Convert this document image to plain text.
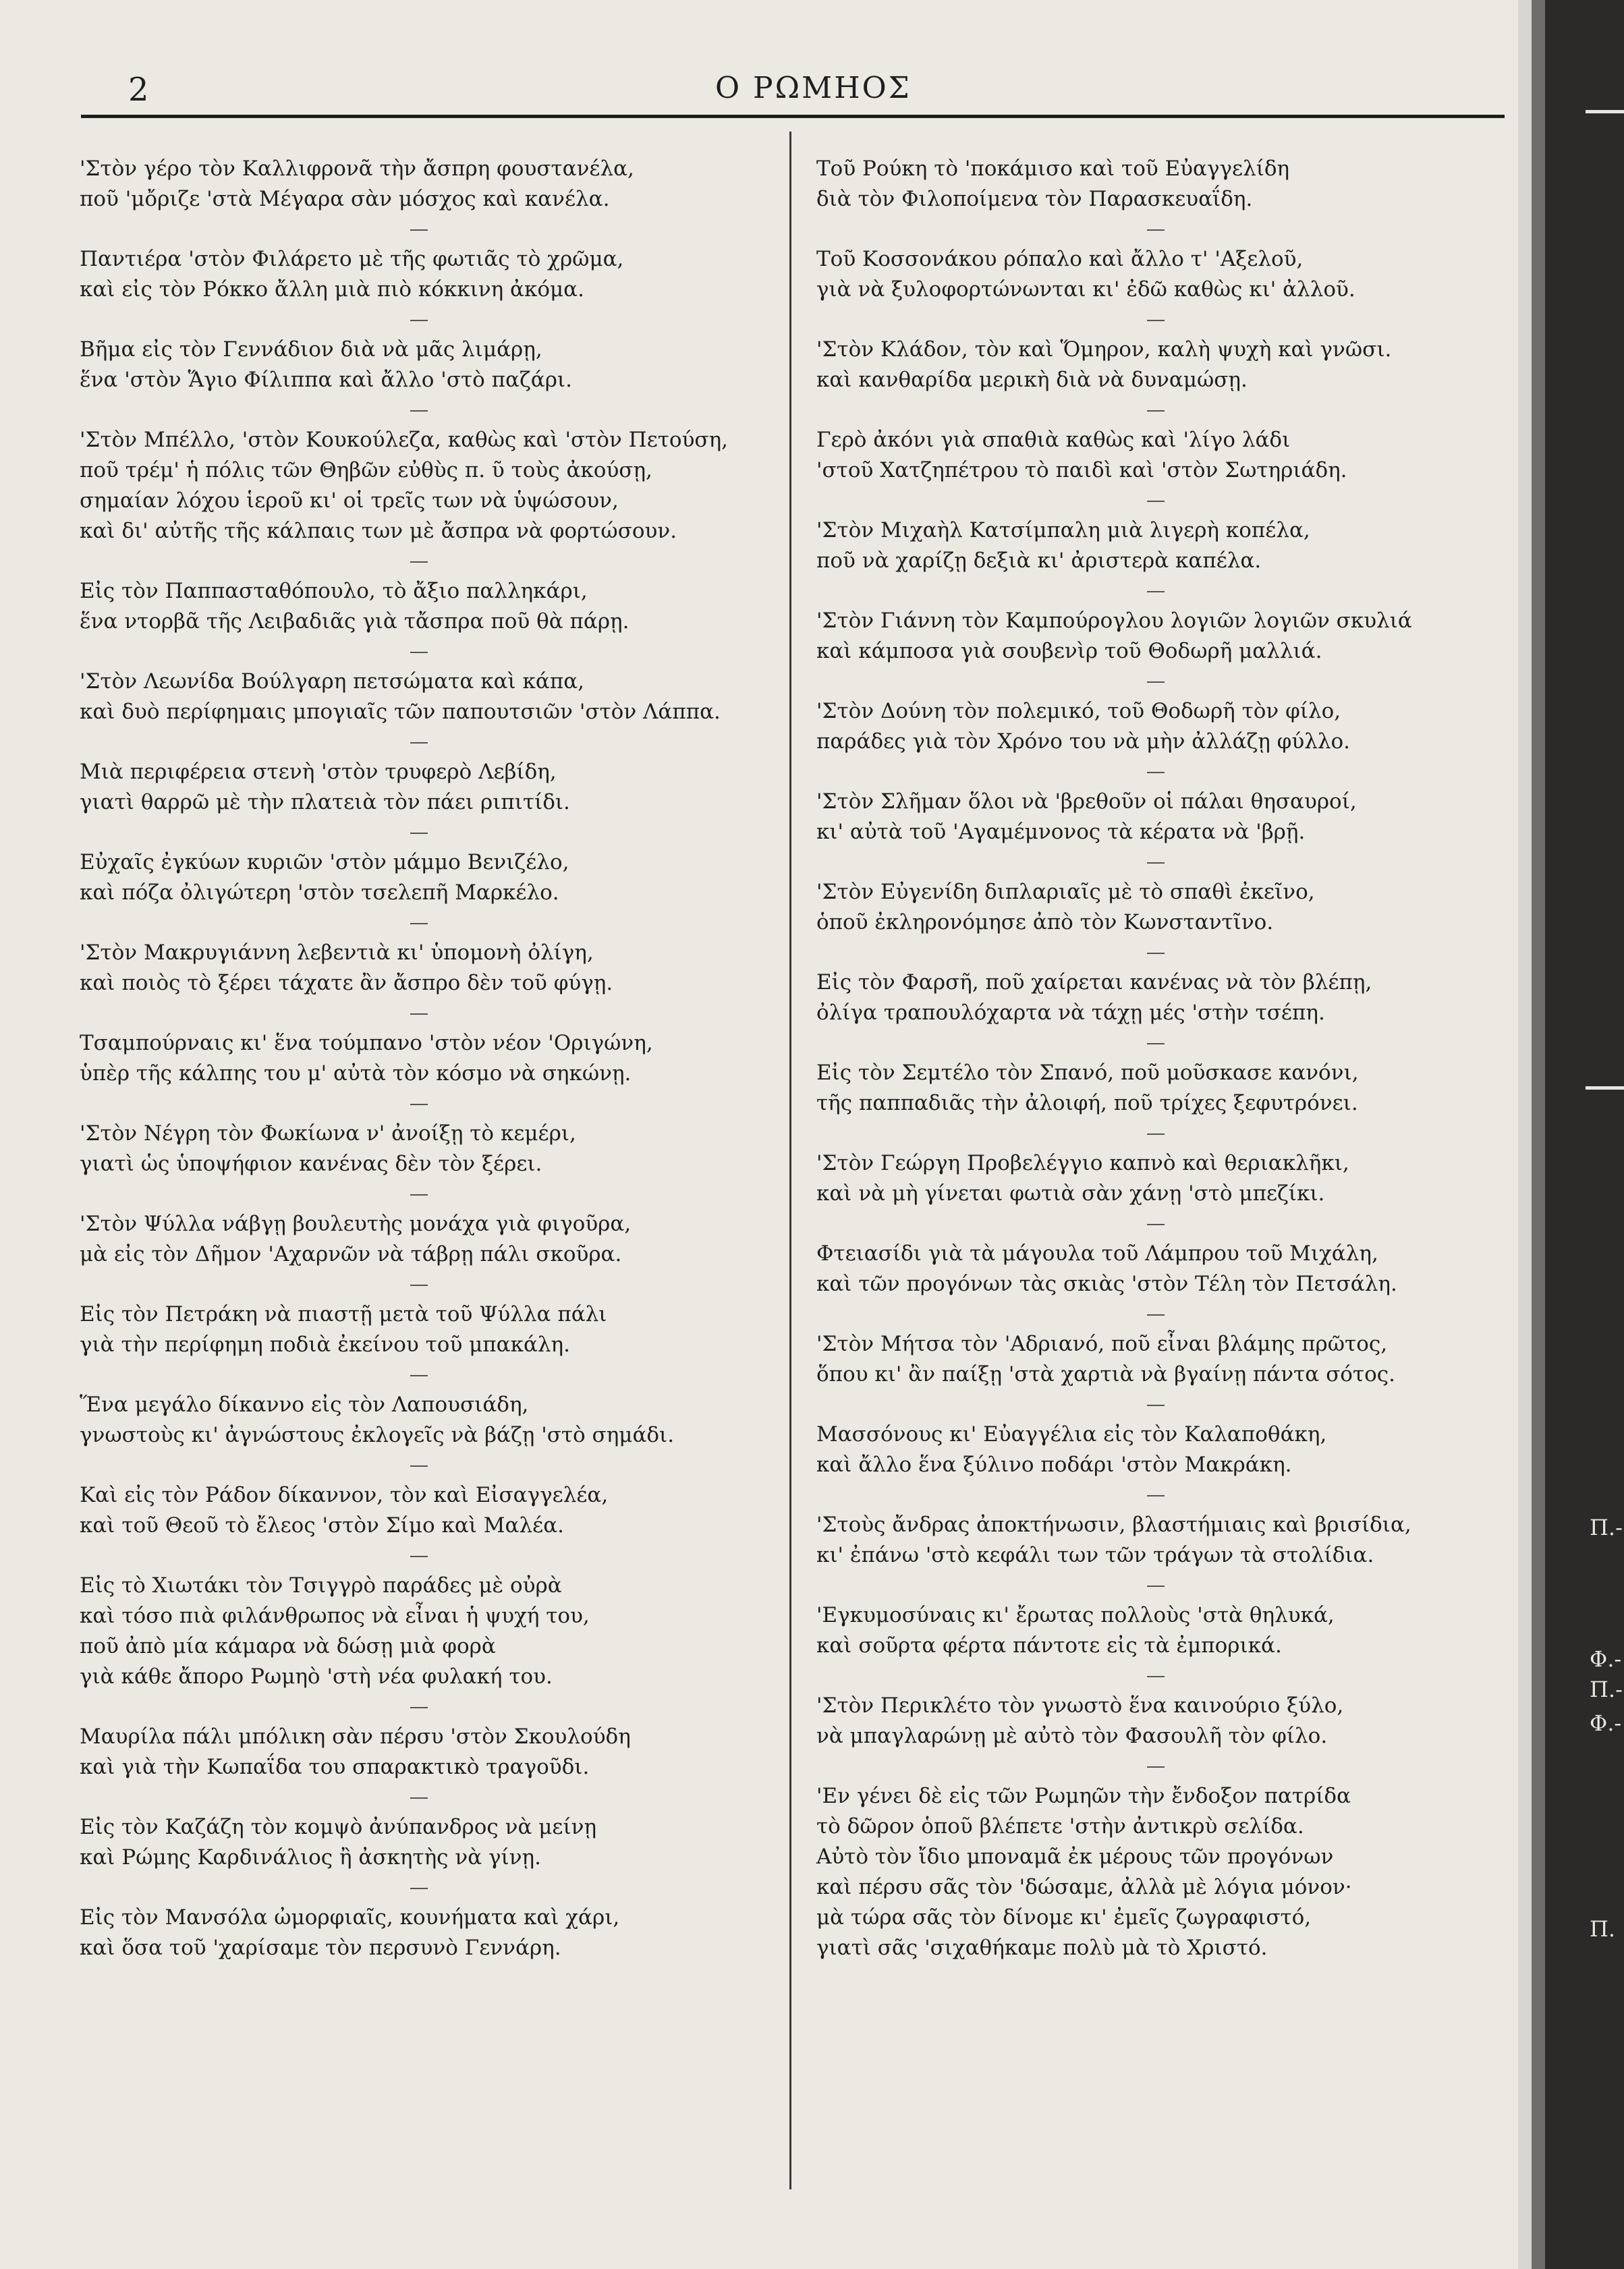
2	Ο ΡΩΜΗΟΣ
'Στὸν γέρο τὸν Καλλιφρονᾶ τὴν ἄσπρη φουστανέλα,
ποῦ 'μὄριζε 'στὰ Μέγαρα σὰν μόσχος καὶ κανέλα.
Παντιέρα 'στὸν Φιλάρετο μὲ τῆς φωτιᾶς τὸ χρῶμα,
καὶ εἰς τὸν Ρόκκο ἄλλη μιὰ πιὸ κόκκινη ἀκόμα.
Βῆμα εἰς τὸν Γεννάδιον διὰ νὰ μᾶς λιμάρῃ,
ἕνα 'στὸν Ἅγιο Φίλιππα καὶ ἄλλο 'στὸ παζάρι.
'Στὸν Μπέλλο, 'στὸν Κουκούλεζα, καθὼς καὶ 'στὸν Πετούση,
ποῦ τρέμ' ἡ πόλις τῶν Θηβῶν εὐθὺς π. ῦ τοὺς ἀκούσῃ,
σημαίαν λόχου ἱεροῦ κι' οἱ τρεῖς των νὰ ὑψώσουν,
καὶ δι' αὐτῆς τῆς κάλπαις των μὲ ἄσπρα νὰ φορτώσουν.
Εἰς τὸν Παππασταθόπουλο, τὸ ἄξιο παλληκάρι,
ἕνα ντορβᾶ τῆς Λειβαδιᾶς γιὰ τἄσπρα ποῦ θὰ πάρῃ.
'Στὸν Λεωνίδα Βούλγαρη πετσώματα καὶ κάπα,
καὶ δυὸ περίφημαις μπογιαῖς τῶν παπουτσιῶν 'στὸν Λάππα.
Μιὰ περιφέρεια στενὴ 'στὸν τρυφερὸ Λεβίδη,
γιατὶ θαρρῶ μὲ τὴν πλατειὰ τὸν πάει ριπιτίδι.
Εὐχαῖς ἐγκύων κυριῶν 'στὸν μάμμο Βενιζέλο,
καὶ πόζα ὀλιγώτερη 'στὸν τσελεπῆ Μαρκέλο.
'Στὸν Μακρυγιάννη λεβεντιὰ κι' ὑπομονὴ ὀλίγη,
καὶ ποιὸς τὸ ξέρει τάχατε ἂν ἄσπρο δὲν τοῦ φύγῃ.
Τσαμπούρναις κι' ἕνα τούμπανο 'στὸν νέον 'Οριγώνη,
ὑπὲρ τῆς κάλπης του μ' αὐτὰ τὸν κόσμο νὰ σηκώνῃ.
'Στὸν Νέγρη τὸν Φωκίωνα ν' ἀνοίξῃ τὸ κεμέρι,
γιατὶ ὡς ὑποψήφιον κανένας δὲν τὸν ξέρει.
'Στὸν Ψύλλα νάβγῃ βουλευτὴς μονάχα γιὰ φιγοῦρα,
μὰ εἰς τὸν Δῆμον 'Αχαρνῶν νὰ τάβρῃ πάλι σκοῦρα.
Εἰς τὸν Πετράκη νὰ πιαστῇ μετὰ τοῦ Ψύλλα πάλι
γιὰ τὴν περίφημη ποδιὰ ἐκείνου τοῦ μπακάλη.
Ἕνα μεγάλο δίκαννο εἰς τὸν Λαπουσιάδη,
γνωστοὺς κι' ἀγνώστους ἐκλογεῖς νὰ βάζῃ 'στὸ σημάδι.
Καὶ εἰς τὸν Ράδον δίκαννον, τὸν καὶ Εἰσαγγελέα,
καὶ τοῦ Θεοῦ τὸ ἔλεος 'στὸν Σίμο καὶ Μαλέα.
Εἰς τὸ Χιωτάκι τὸν Τσιγγρὸ παράδες μὲ οὐρὰ
καὶ τόσο πιὰ φιλάνθρωπος νὰ εἶναι ἡ ψυχή του,
ποῦ ἀπὸ μία κάμαρα νὰ δώσῃ μιὰ φορὰ
γιὰ κάθε ἄπορο Ρωμηὸ 'στὴ νέα φυλακή του.
Μαυρίλα πάλι μπόλικη σὰν πέρσυ 'στὸν Σκουλούδη
καὶ γιὰ τὴν Κωπαΐδα του σπαρακτικὸ τραγοῦδι.
Εἰς τὸν Καζάζη τὸν κομψὸ ἀνύπανδρος νὰ μείνῃ
καὶ Ρώμης Καρδινάλιος ἢ ἀσκητὴς νὰ γίνῃ.
Εἰς τὸν Μανσόλα ὠμορφιαῖς, κουνήματα καὶ χάρι,
καὶ ὅσα τοῦ 'χαρίσαμε τὸν περσυνὸ Γεννάρη.
Τοῦ Ρούκη τὸ 'ποκάμισο καὶ τοῦ Εὐαγγελίδη
διὰ τὸν Φιλοποίμενα τὸν Παρασκευαΐδη.
Τοῦ Κοσσονάκου ρόπαλο καὶ ἄλλο τ' 'Αξελοῦ,
γιὰ νὰ ξυλοφορτώνωνται κι' ἐδῶ καθὼς κι' ἀλλοῦ.
'Στὸν Κλάδον, τὸν καὶ Ὅμηρον, καλὴ ψυχὴ καὶ γνῶσι.
καὶ κανθαρίδα μερικὴ διὰ νὰ δυναμώσῃ.
Γερὸ ἀκόνι γιὰ σπαθιὰ καθὼς καὶ 'λίγο λάδι
'στοῦ Χατζηπέτρου τὸ παιδὶ καὶ 'στὸν Σωτηριάδη.
'Στὸν Μιχαὴλ Κατσίμπαλη μιὰ λιγερὴ κοπέλα,
ποῦ νὰ χαρίζῃ δεξιὰ κι' ἀριστερὰ καπέλα.
'Στὸν Γιάννη τὸν Καμπούρογλου λογιῶν λογιῶν σκυλιά
καὶ κάμποσα γιὰ σουβενὶρ τοῦ Θοδωρῆ μαλλιά.
'Στὸν Δούνη τὸν πολεμικό, τοῦ Θοδωρῆ τὸν φίλο,
παράδες γιὰ τὸν Χρόνο του νὰ μὴν ἀλλάζῃ φύλλο.
'Στὸν Σλῆμαν ὅλοι νὰ 'βρεθοῦν οἱ πάλαι θησαυροί,
κι' αὐτὰ τοῦ 'Αγαμέμνονος τὰ κέρατα νὰ 'βρῇ.
'Στὸν Εὐγενίδη διπλαριαῖς μὲ τὸ σπαθὶ ἐκεῖνο,
ὁποῦ ἐκληρονόμησε ἀπὸ τὸν Κωνσταντῖνο.
Εἰς τὸν Φαρσῆ, ποῦ χαίρεται κανένας νὰ τὸν βλέπῃ,
ὀλίγα τραπουλόχαρτα νὰ τάχῃ μές 'στὴν τσέπη.
Εἰς τὸν Σεμτέλο τὸν Σπανό, ποῦ μοῦσκασε κανόνι,
τῆς παππαδιᾶς τὴν ἀλοιφή, ποῦ τρίχες ξεφυτρόνει.
'Στὸν Γεώργη Προβελέγγιο καπνὸ καὶ θεριακλῆκι,
καὶ νὰ μὴ γίνεται φωτιὰ σὰν χάνῃ 'στὸ μπεζίκι.
Φτειασίδι γιὰ τὰ μάγουλα τοῦ Λάμπρου τοῦ Μιχάλη,
καὶ τῶν προγόνων τὰς σκιὰς 'στὸν Τέλη τὸν Πετσάλη.
'Στὸν Μήτσα τὸν 'Αδριανό, ποῦ εἶναι βλάμης πρῶτος,
ὅπου κι' ἂν παίξῃ 'στὰ χαρτιὰ νὰ βγαίνῃ πάντα σότος.
Μασσόνους κι' Εὐαγγέλια εἰς τὸν Καλαποθάκη,
καὶ ἄλλο ἕνα ξύλινο ποδάρι 'στὸν Μακράκη.
'Στοὺς ἄνδρας ἀποκτήνωσιν, βλαστήμιαις καὶ βρισίδια,
κι' ἐπάνω 'στὸ κεφάλι των τῶν τράγων τὰ στολίδια.
'Εγκυμοσύναις κι' ἔρωτας πολλοὺς 'στὰ θηλυκά,
καὶ σοῦρτα φέρτα πάντοτε εἰς τὰ ἐμπορικά.
'Στὸν Περικλέτο τὸν γνωστὸ ἕνα καινούριο ξύλο,
νὰ μπαγλαρώνῃ μὲ αὐτὸ τὸν Φασουλῆ τὸν φίλο.
'Εν γένει δὲ εἰς τῶν Ρωμηῶν τὴν ἔνδοξον πατρίδα
τὸ δῶρον ὁποῦ βλέπετε 'στὴν ἀντικρὺ σελίδα.
Αὐτὸ τὸν ἴδιο μποναμᾶ ἐκ μέρους τῶν προγόνων
καὶ πέρσυ σᾶς τὸν 'δώσαμε, ἀλλὰ μὲ λόγια μόνον·
μὰ τώρα σᾶς τὸν δίνομε κι' ἐμεῖς ζωγραφιστό,
γιατὶ σᾶς 'σιχαθήκαμε πολὺ μὰ τὸ Χριστό.
Π.-
Φ.-
Π.-
Φ.-
Π.
